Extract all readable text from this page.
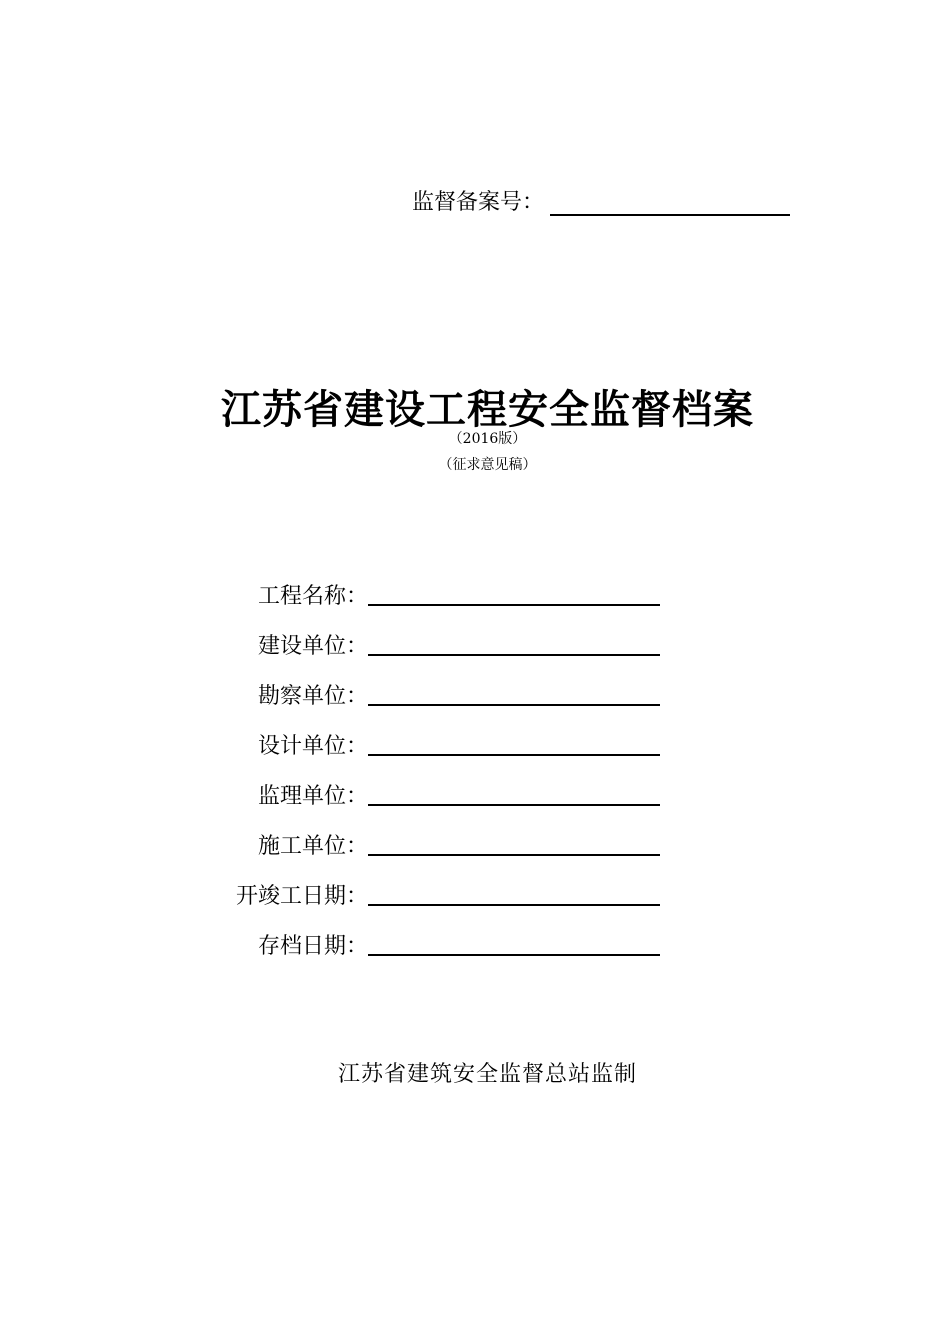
监督备案号：
江苏省建设工程安全监督档案
（2016版）
（征求意见稿）
工程名称：
建设单位：
勘察单位：
设计单位：
监理单位：
施工单位：
开竣工日期：
存档日期：
江苏省建筑安全监督总站监制
